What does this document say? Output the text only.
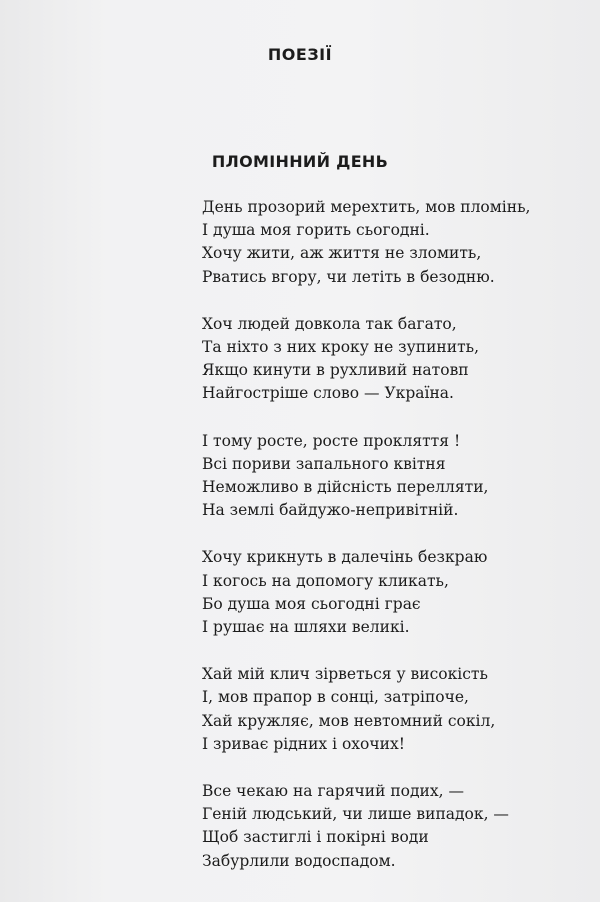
ПОЕЗІЇ
ПЛОМІННИЙ ДЕНЬ
День прозорий мерехтить, мов пломінь,
І душа моя горить сьогодні.
Хочу жити, аж життя не зломить,
Рватись вгору, чи летіть в безодню.
Хоч людей довкола так багато,
Та ніхто з них кроку не зупинить,
Якщо кинути в рухливий натовп
Найгостріше слово — Україна.
І тому росте, росте прокляття !
Всі пориви запального квітня
Неможливо в дійсність перелляти,
На землі байдужо-непривітній.
Хочу крикнуть в далечінь безкраю
І когось на допомогу кликать,
Бо душа моя сьогодні грає
І рушає на шляхи великі.
Хай мій клич зірветься у високість
І, мов прапор в сонці, затріпоче,
Хай кружляє, мов невтомний сокіл,
І зриває рідних і охочих!
Все чекаю на гарячий подих, —
Геній людський, чи лише випадок, —
Щоб застиглі і покірні води
Забурлили водоспадом.
